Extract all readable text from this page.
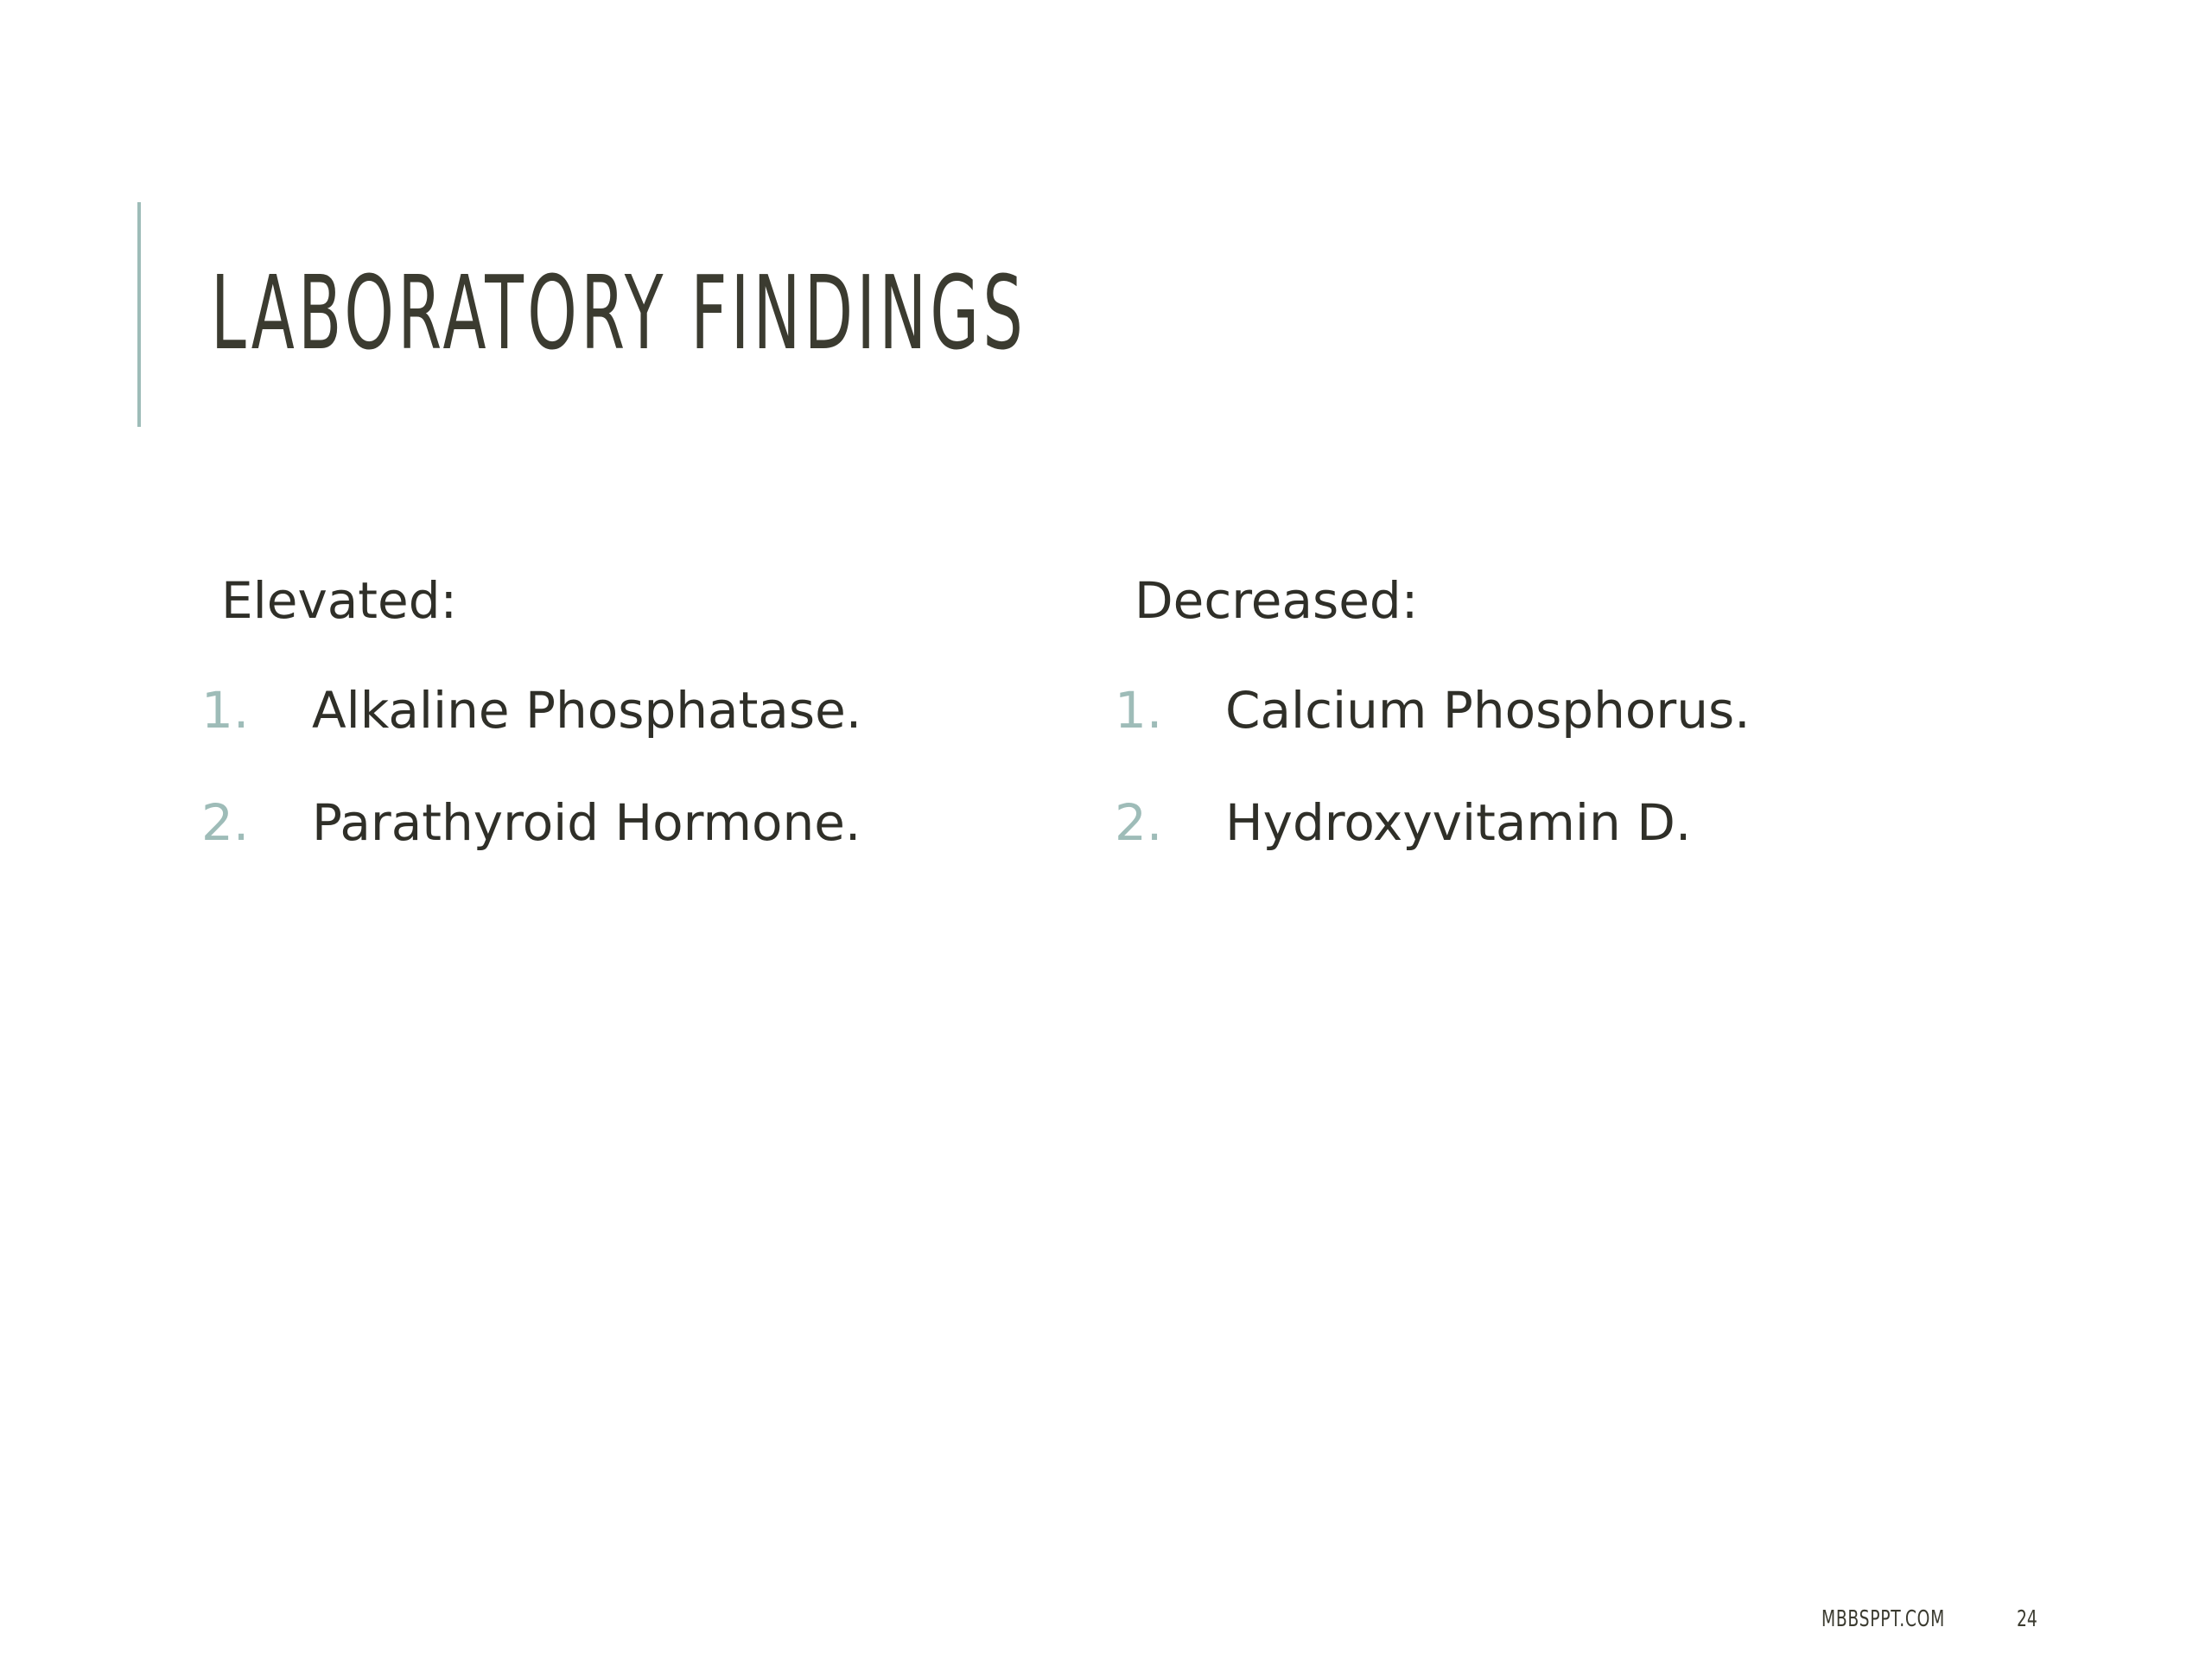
LABORATORY FINDINGS
Elevated:
1. Alkaline Phosphatase.
2. Parathyroid Hormone.
Decreased:
1. Calcium Phosphorus.
2. Hydroxyvitamin D.
MBBSPPT.COM	24
